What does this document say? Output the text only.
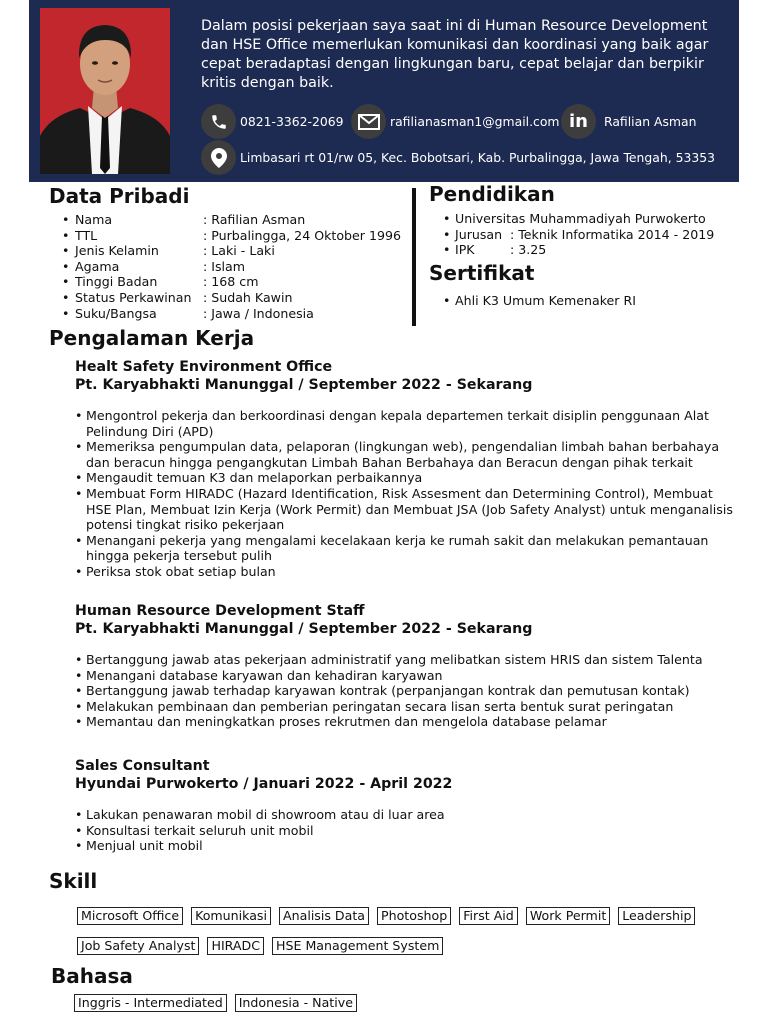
Dalam posisi pekerjaan saya saat ini di Human Resource Development dan HSE Office memerlukan komunikasi dan koordinasi yang baik agar cepat beradaptasi dengan lingkungan baru, cepat belajar dan berpikir kritis dengan baik.
0821-3362-2069	rafilianasman1@gmail.com in Rafilian Asman
Limbasari rt 01/rw 05, Kec. Bobotsari, Kab. Purbalingga, Jawa Tengah, 53353
Data Pribadi
• Nama	: Rafilian Asman
• TTL	: Purbalingga, 24 Oktober 1996
• Jenis Kelamin	: Laki - Laki
• Agama	: Islam
• Tinggi Badan	: 168 cm
• Status Perkawinan : Sudah Kawin
• Suku/Bangsa	: Jawa / Indonesia
Pendidikan
• Universitas Muhammadiyah Purwokerto
• Jurusan : Teknik Informatika 2014 - 2019
• IPK	: 3.25
Sertifikat
• Ahli K3 Umum Kemenaker RI
Pengalaman Kerja
Healt Safety Environment Office
Pt. Karyabhakti Manunggal / September 2022 - Sekarang
• Mengontrol pekerja dan berkoordinasi dengan kepala departemen terkait disiplin penggunaan Alat Pelindung Diri (APD)
• Memeriksa pengumpulan data, pelaporan (lingkungan web), pengendalian limbah bahan berbahaya dan beracun hingga pengangkutan Limbah Bahan Berbahaya dan Beracun dengan pihak terkait
• Mengaudit temuan K3 dan melaporkan perbaikannya
• Membuat Form HIRADC (Hazard Identification, Risk Assesment dan Determining Control), Membuat HSE Plan, Membuat Izin Kerja (Work Permit) dan Membuat JSA (Job Safety Analyst) untuk menganalisis potensi tingkat risiko pekerjaan
• Menangani pekerja yang mengalami kecelakaan kerja ke rumah sakit dan melakukan pemantauan hingga pekerja tersebut pulih
• Periksa stok obat setiap bulan
Human Resource Development Staff
Pt. Karyabhakti Manunggal / September 2022 - Sekarang
• Bertanggung jawab atas pekerjaan administratif yang melibatkan sistem HRIS dan sistem Talenta
• Menangani database karyawan dan kehadiran karyawan
• Bertanggung jawab terhadap karyawan kontrak (perpanjangan kontrak dan pemutusan kontak)
• Melakukan pembinaan dan pemberian peringatan secara lisan serta bentuk surat peringatan
• Memantau dan meningkatkan proses rekrutmen dan mengelola database pelamar
Sales Consultant
Hyundai Purwokerto / Januari 2022 - April 2022
• Lakukan penawaran mobil di showroom atau di luar area
• Konsultasi terkait seluruh unit mobil
• Menjual unit mobil
Skill
Microsoft Office	Komunikasi	Analisis Data	Photoshop	First Aid	Work Permit	Leadership
Job Safety Analyst	HIRADC	HSE Management System
Bahasa
Inggris - Intermediated	Indonesia - Native
